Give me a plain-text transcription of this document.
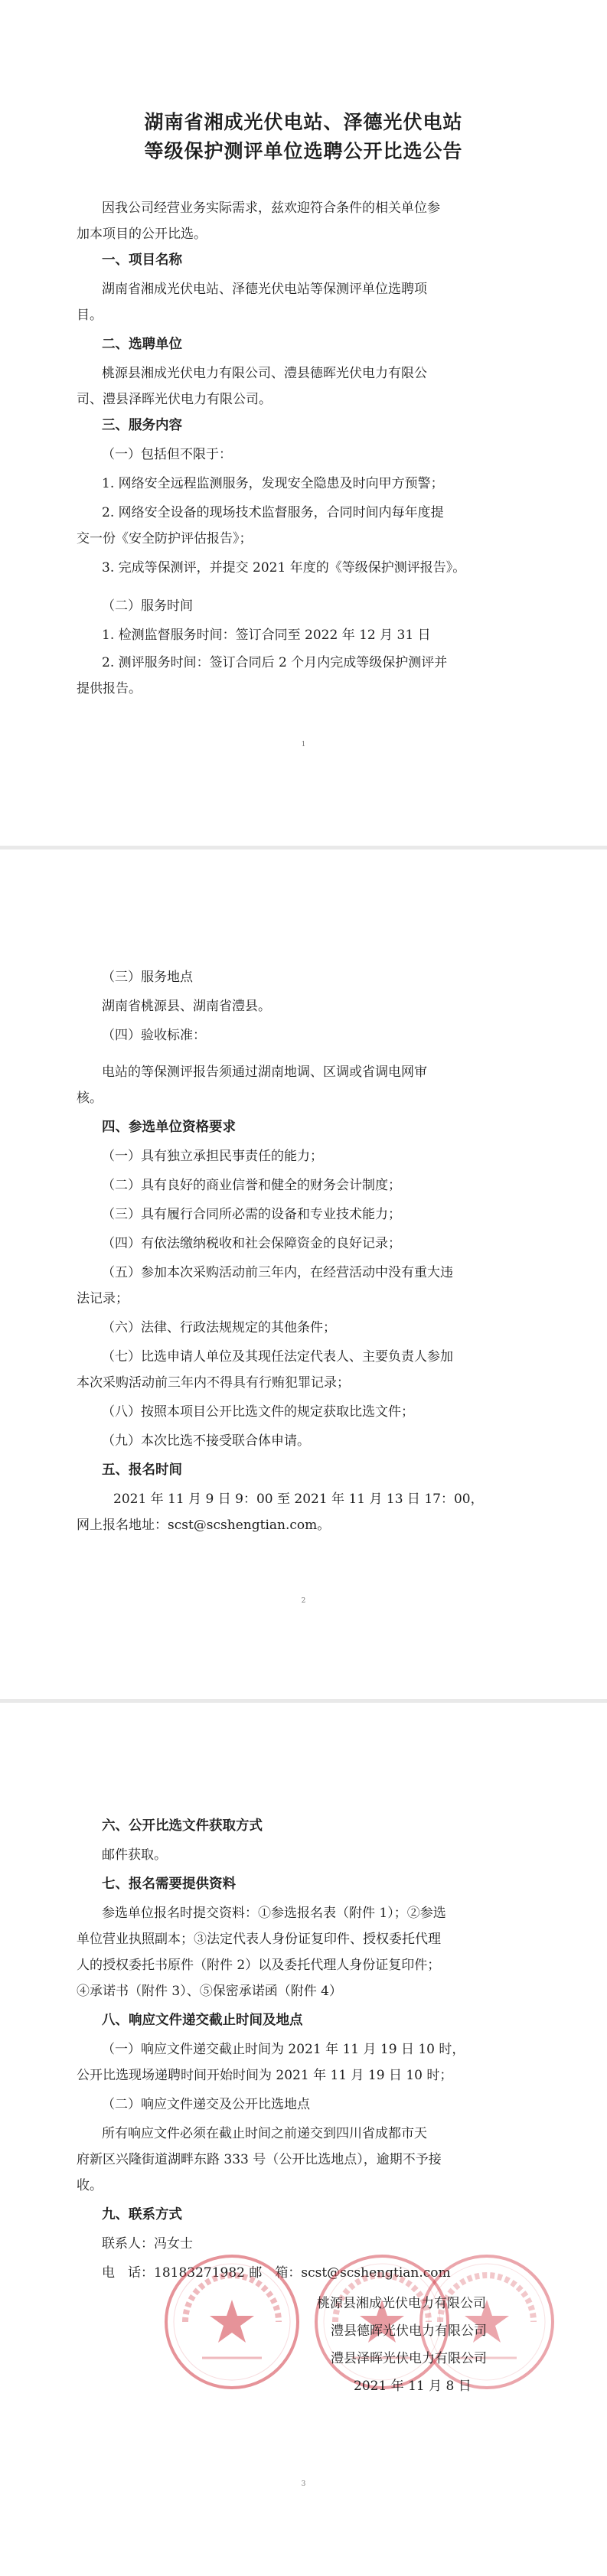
湖南省湘成光伏电站、泽德光伏电站
等级保护测评单位选聘公开比选公告
因我公司经营业务实际需求，兹欢迎符合条件的相关单位参
加本项目的公开比选。
一、项目名称
湖南省湘成光伏电站、泽德光伏电站等保测评单位选聘项
目。
二、选聘单位
桃源县湘成光伏电力有限公司、澧县德晖光伏电力有限公
司、澧县泽晖光伏电力有限公司。
三、服务内容
（一）包括但不限于：
1. 网络安全远程监测服务，发现安全隐患及时向甲方预警；
2. 网络安全设备的现场技术监督服务，合同时间内每年度提
交一份《安全防护评估报告》；
3. 完成等保测评，并提交 2021 年度的《等级保护测评报告》。
（二）服务时间
1. 检测监督服务时间：签订合同至 2022 年 12 月 31 日
2. 测评服务时间：签订合同后 2 个月内完成等级保护测评并
提供报告。
1
（三）服务地点
湖南省桃源县、湖南省澧县。
（四）验收标准：
电站的等保测评报告须通过湖南地调、区调或省调电网审
核。
四、参选单位资格要求
（一）具有独立承担民事责任的能力；
（二）具有良好的商业信誉和健全的财务会计制度；
（三）具有履行合同所必需的设备和专业技术能力；
（四）有依法缴纳税收和社会保障资金的良好记录；
（五）参加本次采购活动前三年内，在经营活动中没有重大违
法记录；
（六）法律、行政法规规定的其他条件；
（七）比选申请人单位及其现任法定代表人、主要负责人参加
本次采购活动前三年内不得具有行贿犯罪记录；
（八）按照本项目公开比选文件的规定获取比选文件；
（九）本次比选不接受联合体申请。
五、报名时间
2021 年 11 月 9 日 9：00 至 2021 年 11 月 13 日 17：00，
网上报名地址：scst@scshengtian.com。
2
六、公开比选文件获取方式
邮件获取。
七、报名需要提供资料
参选单位报名时提交资料：①参选报名表（附件 1）；②参选
单位营业执照副本；③法定代表人身份证复印件、授权委托代理
人的授权委托书原件（附件 2）以及委托代理人身份证复印件；
④承诺书（附件 3）、⑤保密承诺函（附件 4）
八、响应文件递交截止时间及地点
（一）响应文件递交截止时间为 2021 年 11 月 19 日 10 时，
公开比选现场递聘时间开始时间为 2021 年 11 月 19 日 10 时；
（二）响应文件递交及公开比选地点
所有响应文件必须在截止时间之前递交到四川省成都市天
府新区兴隆街道湖畔东路 333 号（公开比选地点），逾期不予接
收。
九、联系方式
联系人：冯女士
电　话：18183271982 邮　箱：scst@scshengtian.com
桃源县湘成光伏电力有限公司
澧县德晖光伏电力有限公司
澧县泽晖光伏电力有限公司
2021 年 11 月 8 日
3
